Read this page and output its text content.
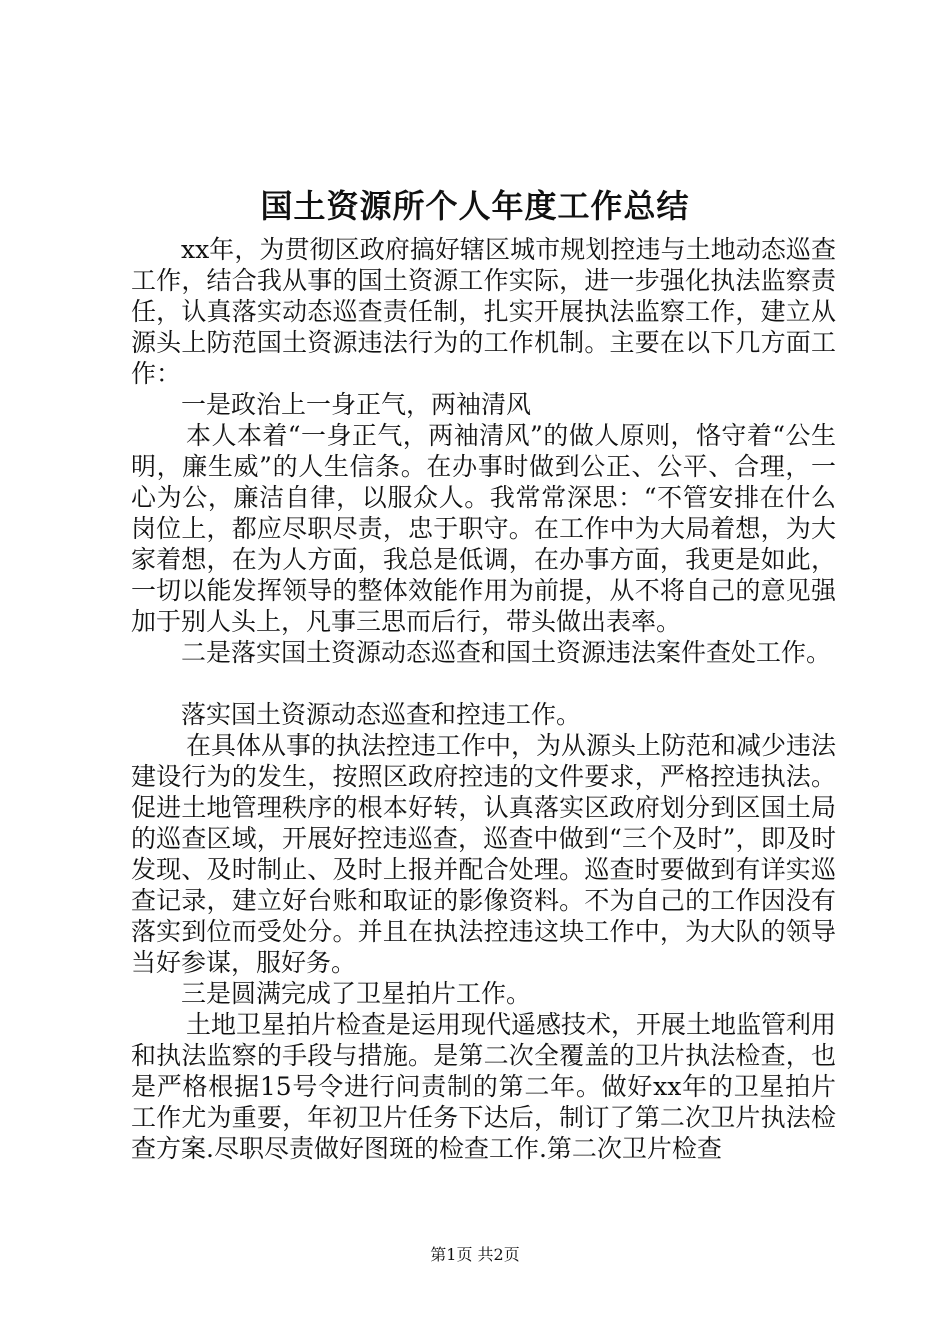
国土资源所个人年度工作总结

xx年，为贯彻区政府搞好辖区城市规划控违与土地动态巡查工作，结合我从事的国土资源工作实际，进一步强化执法监察责任，认真落实动态巡查责任制，扎实开展执法监察工作，建立从源头上防范国土资源违法行为的工作机制。主要在以下几方面工作：

一是政治上一身正气，两袖清风

本人本着“一身正气，两袖清风”的做人原则，恪守着“公生明，廉生威”的人生信条。在办事时做到公正、公平、合理，一心为公，廉洁自律，以服众人。我常常深思：“不管安排在什么岗位上，都应尽职尽责，忠于职守。在工作中为大局着想，为大家着想，在为人方面，我总是低调，在办事方面，我更是如此，一切以能发挥领导的整体效能作用为前提，从不将自己的意见强加于别人头上，凡事三思而后行，带头做出表率。

二是落实国土资源动态巡查和国土资源违法案件查处工作。

落实国土资源动态巡查和控违工作。

在具体从事的执法控违工作中，为从源头上防范和减少违法建设行为的发生，按照区政府控违的文件要求，严格控违执法。促进土地管理秩序的根本好转，认真落实区政府划分到区国土局的巡查区域，开展好控违巡查，巡查中做到“三个及时”，即及时发现、及时制止、及时上报并配合处理。巡查时要做到有详实巡查记录，建立好台账和取证的影像资料。不为自己的工作因没有落实到位而受处分。并且在执法控违这块工作中，为大队的领导当好参谋，服好务。

三是圆满完成了卫星拍片工作。

土地卫星拍片检查是运用现代遥感技术，开展土地监管利用和执法监察的手段与措施。是第二次全覆盖的卫片执法检查，也是严格根据15号令进行问责制的第二年。做好xx年的卫星拍片工作尤为重要，年初卫片任务下达后，制订了第二次卫片执法检查方案.尽职尽责做好图斑的检查工作.第二次卫片检查

第1页 共2页
